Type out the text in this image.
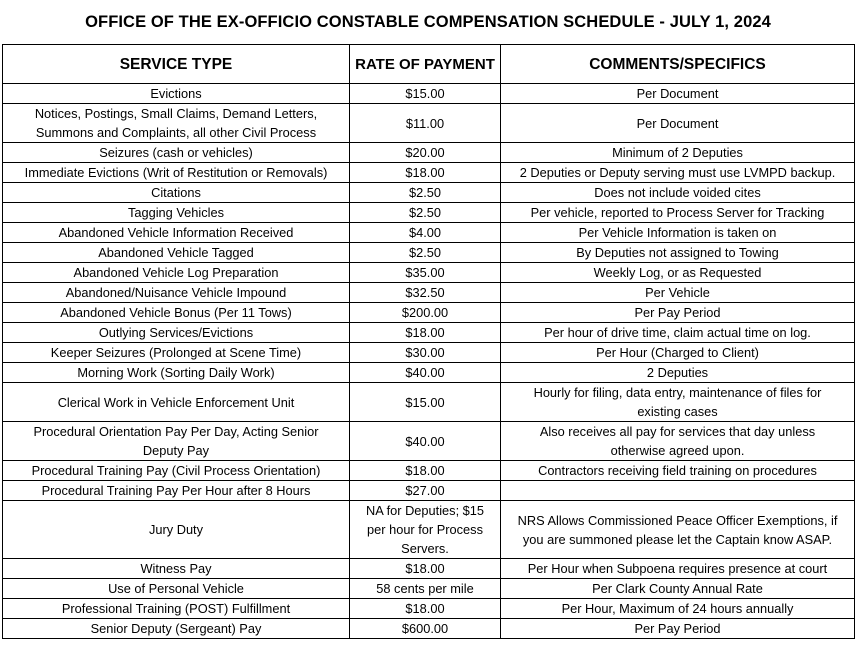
OFFICE OF THE EX-OFFICIO CONSTABLE COMPENSATION SCHEDULE - JULY 1, 2024
SERVICE TYPE	RATE OF PAYMENT	COMMENTS/SPECIFICS
Evictions	$15.00	Per Document
Notices, Postings, Small Claims, Demand Letters,
Summons and Complaints, all other Civil Process	$11.00	Per Document
Seizures (cash or vehicles)	$20.00	Minimum of 2 Deputies
Immediate Evictions (Writ of Restitution or Removals)	$18.00	2 Deputies or Deputy serving must use LVMPD backup.
Citations	$2.50	Does not include voided cites
Tagging Vehicles	$2.50	Per vehicle, reported to Process Server for Tracking
Abandoned Vehicle Information Received	$4.00	Per Vehicle Information is taken on
Abandoned Vehicle Tagged	$2.50	By Deputies not assigned to Towing
Abandoned Vehicle Log Preparation	$35.00	Weekly Log, or as Requested
Abandoned/Nuisance Vehicle Impound	$32.50	Per Vehicle
Abandoned Vehicle Bonus (Per 11 Tows)	$200.00	Per Pay Period
Outlying Services/Evictions	$18.00	Per hour of drive time, claim actual time on log.
Keeper Seizures (Prolonged at Scene Time)	$30.00	Per Hour (Charged to Client)
Morning Work (Sorting Daily Work)	$40.00	2 Deputies
Clerical Work in Vehicle Enforcement Unit	$15.00	Hourly for filing, data entry, maintenance of files for
existing cases
Procedural Orientation Pay Per Day, Acting Senior
Deputy Pay	$40.00	Also receives all pay for services that day unless
otherwise agreed upon.
Procedural Training Pay (Civil Process Orientation)	$18.00	Contractors receiving field training on procedures
Procedural Training Pay Per Hour after 8 Hours	$27.00	
Jury Duty	NA for Deputies; $15
per hour for Process
Servers.	NRS Allows Commissioned Peace Officer Exemptions, if
you are summoned please let the Captain know ASAP.
Witness Pay	$18.00	Per Hour when Subpoena requires presence at court
Use of Personal Vehicle	58 cents per mile	Per Clark County Annual Rate
Professional Training (POST) Fulfillment	$18.00	Per Hour, Maximum of 24 hours annually
Senior Deputy (Sergeant) Pay	$600.00	Per Pay Period
